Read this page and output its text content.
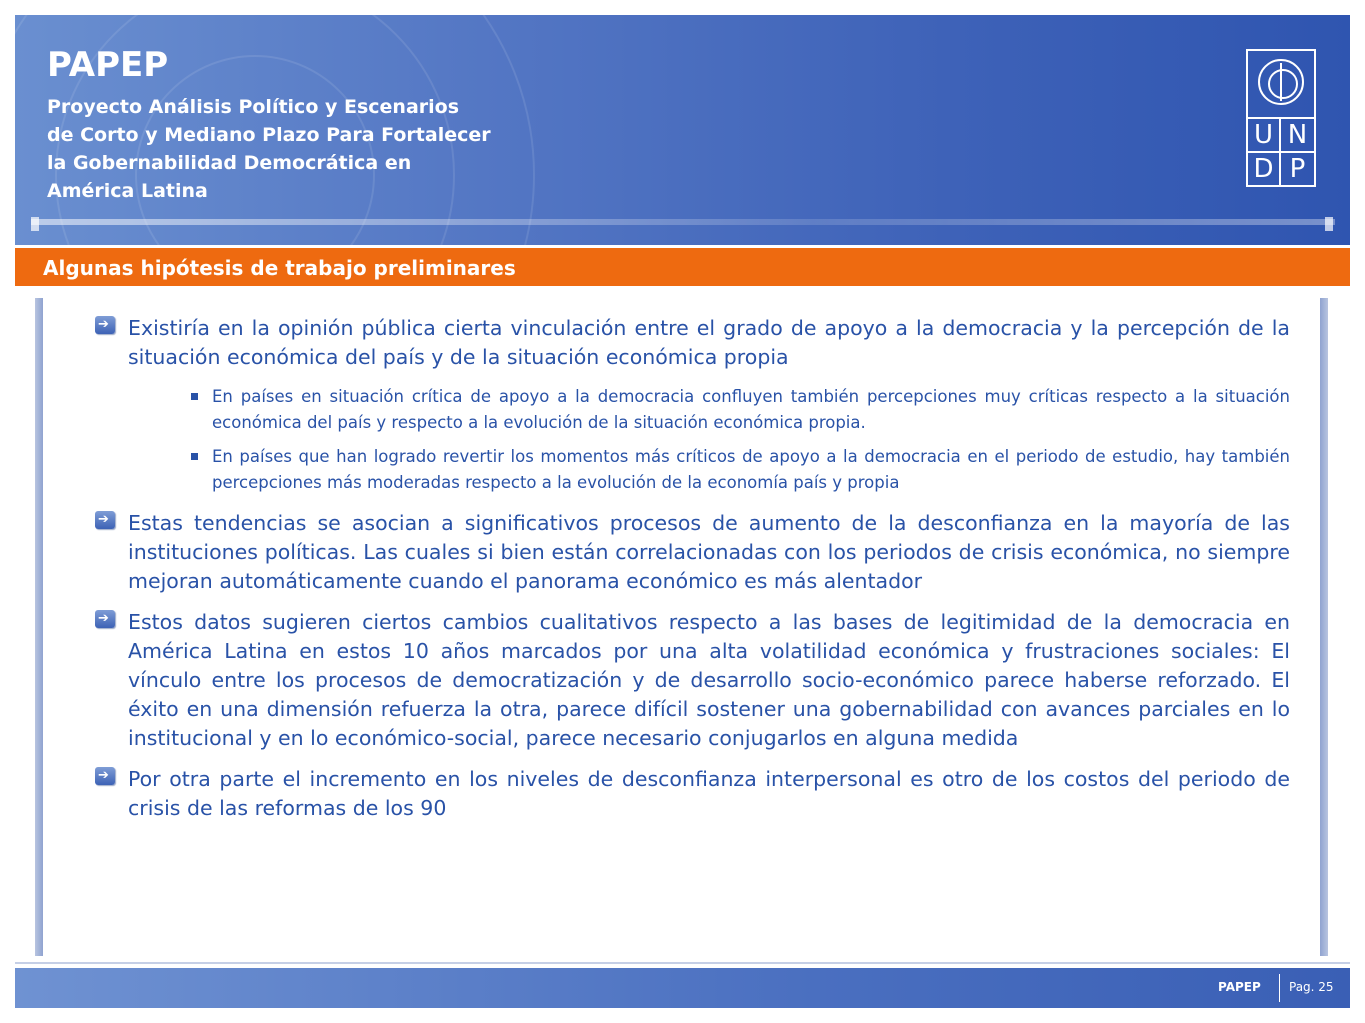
PAPEP
Proyecto Análisis Político y Escenarios
de Corto y Mediano Plazo Para Fortalecer
la Gobernabilidad Democrática en
América Latina
U N
D P
Algunas hipótesis de trabajo preliminares
➔

Existiría en la opinión pública cierta vinculación entre el grado de apoyo a la democracia y la percepción de la situación económica del país y de la situación económica propia

En países en situación crítica de apoyo a la democracia confluyen también percepciones muy críticas respecto a la situación económica del país y respecto a la evolución de la situación económica propia.

En países que han logrado revertir los momentos más críticos de apoyo a la democracia en el periodo de estudio, hay también percepciones más moderadas respecto a la evolución de la economía país y propia

➔

Estas tendencias se asocian a significativos procesos de aumento de la desconfianza en la mayoría de las instituciones políticas. Las cuales si bien están correlacionadas con los periodos de crisis económica, no siempre mejoran automáticamente cuando el panorama económico es más alentador

➔

Estos datos sugieren ciertos cambios cualitativos respecto a las bases de legitimidad de la democracia en América Latina en estos 10 años marcados por una alta volatilidad económica y frustraciones sociales: El vínculo entre los procesos de democratización y de desarrollo socio-económico parece haberse reforzado. El éxito en una dimensión refuerza la otra, parece difícil sostener una gobernabilidad con avances parciales en lo institucional y en lo económico-social, parece necesario conjugarlos en alguna medida

➔

Por otra parte el incremento en los niveles de desconfianza interpersonal es otro de los costos del periodo de crisis de las reformas de los 90

PAPEP Pag. 25
